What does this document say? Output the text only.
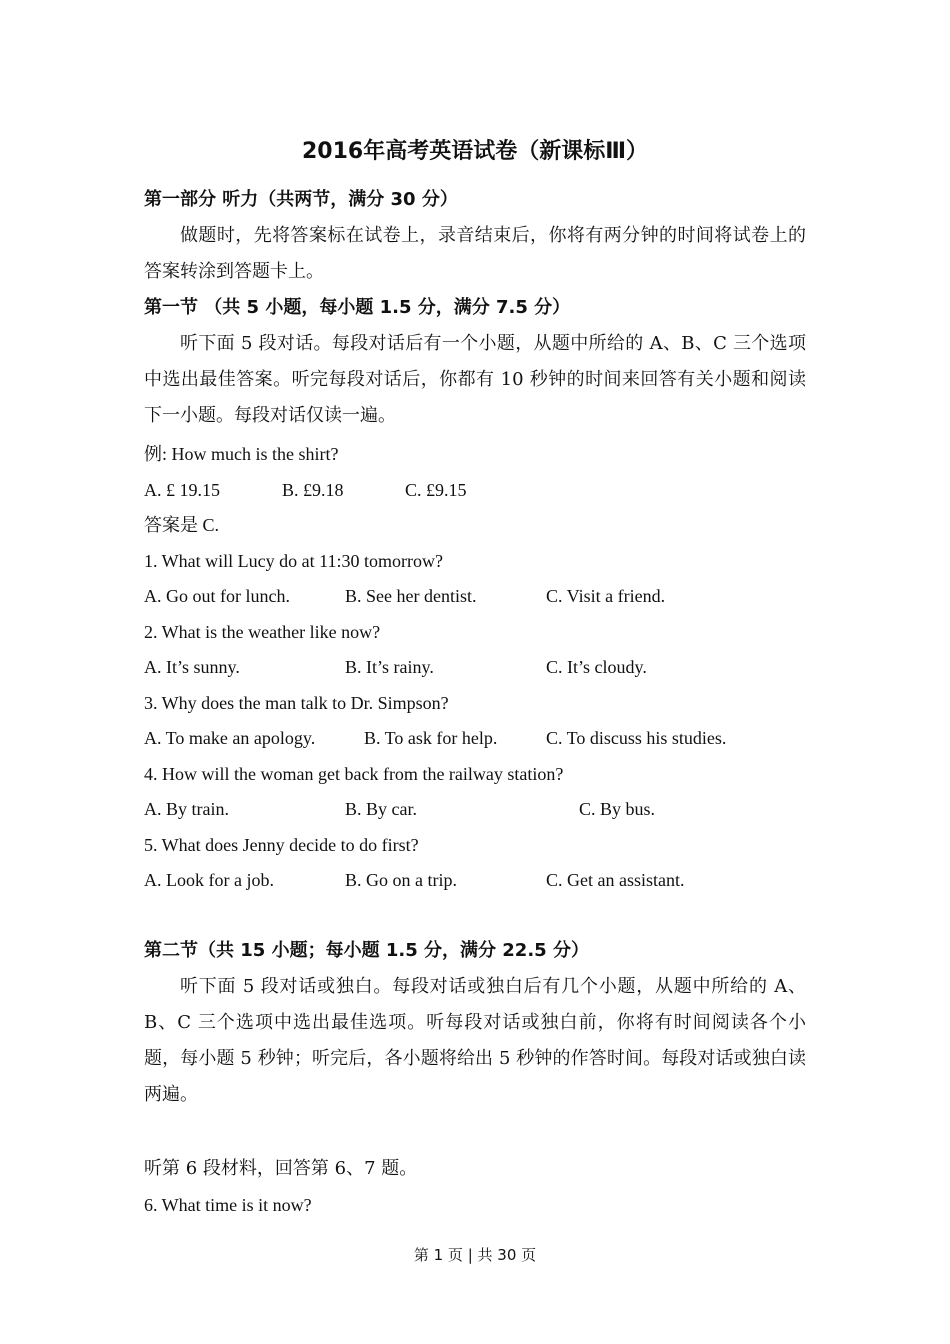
2016年高考英语试卷（新课标Ⅲ）
第一部分 听力（共两节，满分 30 分）
做题时，先将答案标在试卷上，录音结束后，你将有两分钟的时间将试卷上的答案转涂到答题卡上。
第一节 （共 5 小题，每小题 1.5 分，满分 7.5 分）
听下面 5 段对话。每段对话后有一个小题，从题中所给的 A、B、C 三个选项中选出最佳答案。听完每段对话后，你都有 10 秒钟的时间来回答有关小题和阅读下一小题。每段对话仅读一遍。
例: How much is the shirt?
A. £ 19.15	B. £9.18	C. £9.15
答案是 C.
1. What will Lucy do at 11:30 tomorrow?
A. Go out for lunch.	B. See her dentist.	C. Visit a friend.
2. What is the weather like now?
A. It’s sunny.	B. It’s rainy.	C. It’s cloudy.
3. Why does the man talk to Dr. Simpson?
A. To make an apology.	B. To ask for help.	C. To discuss his studies.
4. How will the woman get back from the railway station?
A. By train.	B. By car.	C. By bus.
5. What does Jenny decide to do first?
A. Look for a job.	B. Go on a trip.	C. Get an assistant.
第二节（共 15 小题；每小题 1.5 分，满分 22.5 分）
听下面 5 段对话或独白。每段对话或独白后有几个小题，从题中所给的 A、B、C 三个选项中选出最佳选项。听每段对话或独白前，你将有时间阅读各个小题，每小题 5 秒钟；听完后，各小题将给出 5 秒钟的作答时间。每段对话或独白读两遍。
听第 6 段材料，回答第 6、7 题。
6. What time is it now?
第 1 页 | 共 30 页
